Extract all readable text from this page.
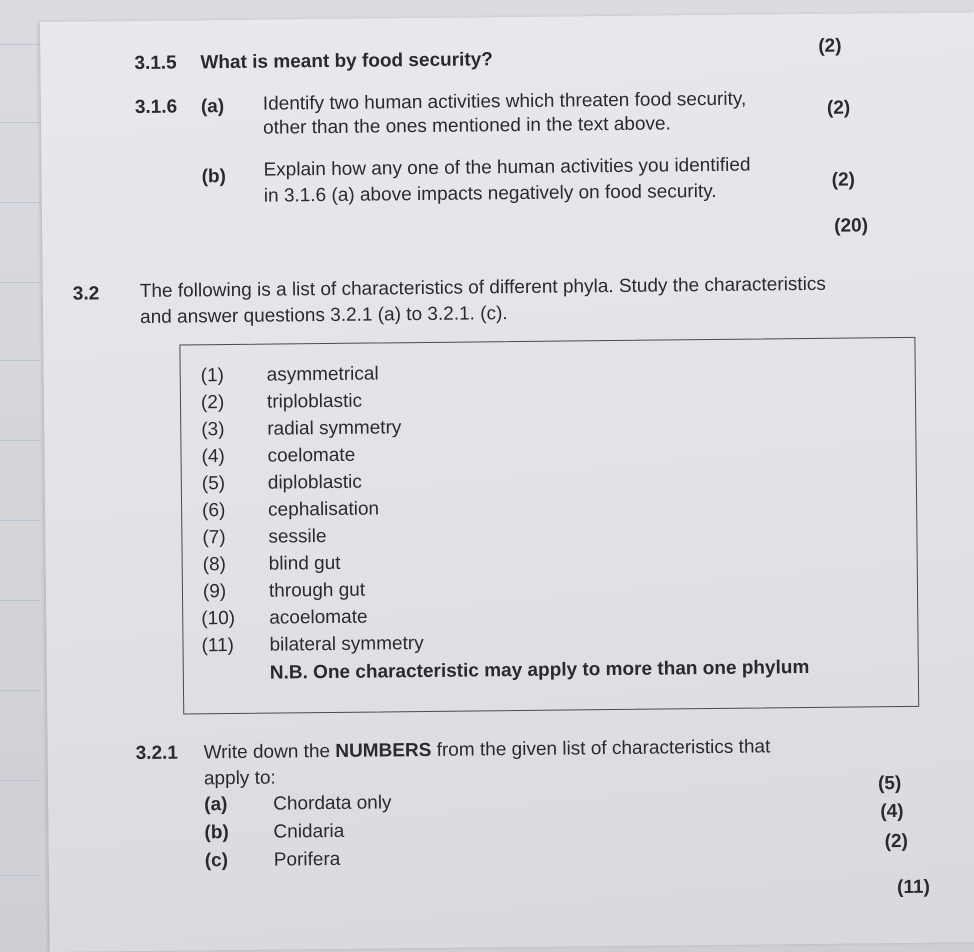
3.1.5 What is meant by food security?
(2)
3.1.6 (a) Identify two human activities which threaten food security,
other than the ones mentioned in the text above.
(2)
(b) Explain how any one of the human activities you identified
in 3.1.6 (a) above impacts negatively on food security.
(2)
(20)
3.2 The following is a list of characteristics of different phyla. Study the characteristics
and answer questions 3.2.1 (a) to 3.2.1. (c).
(1) asymmetrical
(2) triploblastic
(3) radial symmetry
(4) coelomate
(5) diploblastic
(6) cephalisation
(7) sessile
(8) blind gut
(9) through gut
(10) acoelomate
(11) bilateral symmetry
N.B. One characteristic may apply to more than one phylum
3.2.1 Write down the NUMBERS from the given list of characteristics that
apply to:
(a) Chordata only
(5)
(b) Cnidaria
(4)
(c) Porifera
(2)
(11)
